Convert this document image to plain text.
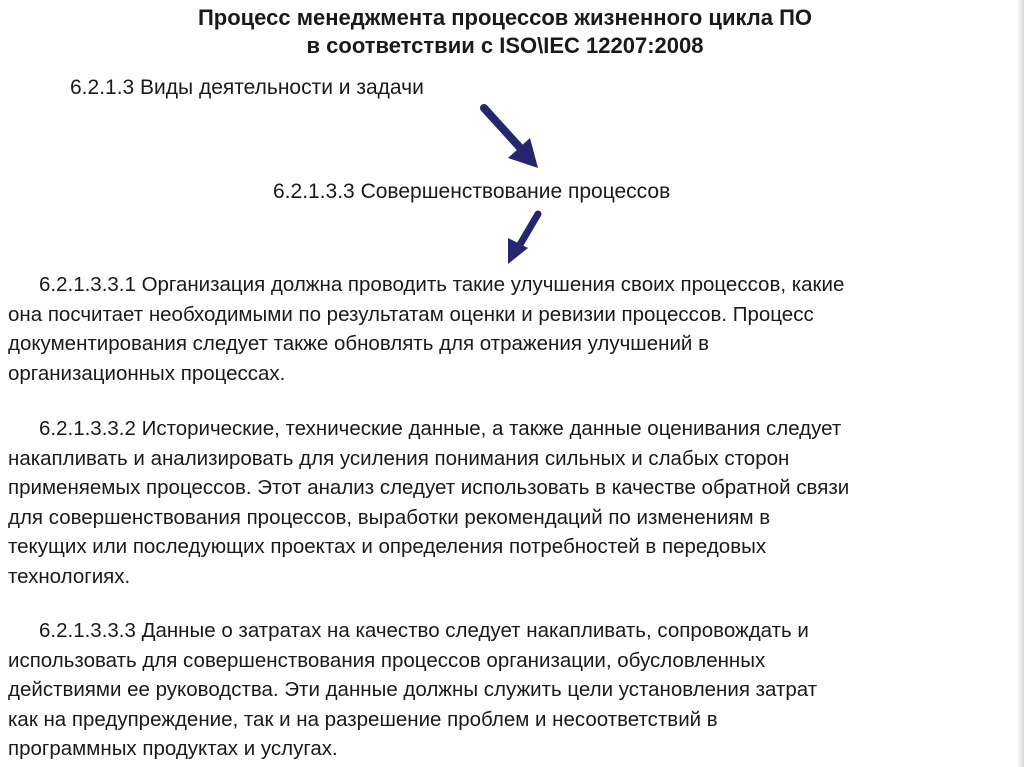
Процесс менеджмента процессов жизненного цикла ПО
в соответствии с ISO\IEC 12207:2008
6.2.1.3 Виды деятельности и задачи
6.2.1.3.3 Совершенствование процессов
6.2.1.3.3.1 Организация должна проводить такие улучшения своих процессов, какие
она посчитает необходимыми по результатам оценки и ревизии процессов. Процесс
документирования следует также обновлять для отражения улучшений в
организационных процессах.
6.2.1.3.3.2 Исторические, технические данные, а также данные оценивания следует
накапливать и анализировать для усиления понимания сильных и слабых сторон
применяемых процессов. Этот анализ следует использовать в качестве обратной связи
для совершенствования процессов, выработки рекомендаций по изменениям в
текущих или последующих проектах и определения потребностей в передовых
технологиях.
6.2.1.3.3.3 Данные о затратах на качество следует накапливать, сопровождать и
использовать для совершенствования процессов организации, обусловленных
действиями ее руководства. Эти данные должны служить цели установления затрат
как на предупреждение, так и на разрешение проблем и несоответствий в
программных продуктах и услугах.
